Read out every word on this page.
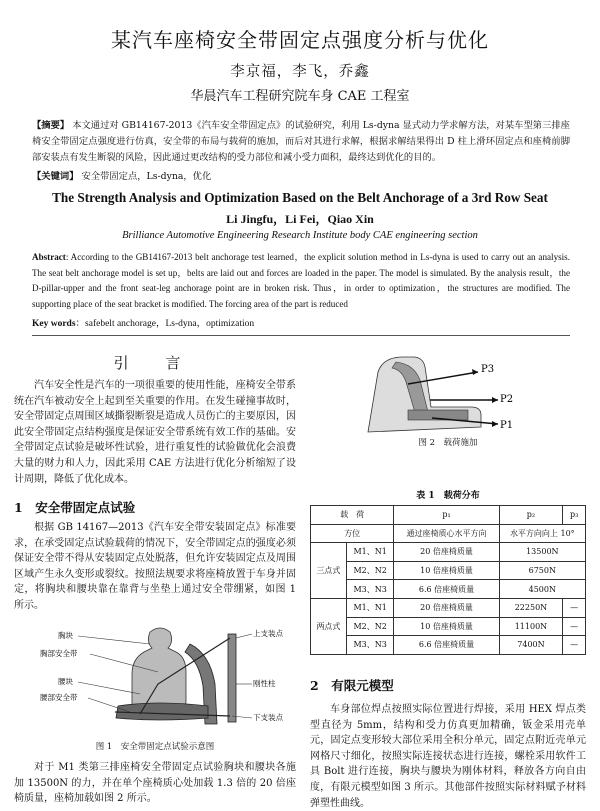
某汽车座椅安全带固定点强度分析与优化
李京福，李飞，乔鑫
华晨汽车工程研究院车身 CAE 工程室
【摘要】 本文通过对 GB14167-2013《汽车安全带固定点》的试验研究，利用 Ls-dyna 显式动力学求解方法，对某车型第三排座椅安全带固定点强度进行仿真，安全带的布局与载荷的施加，而后对其进行求解，根据求解结果得出 D 柱上滑环固定点和座椅前脚部安装点有发生断裂的风险，因此通过更改结构的受力部位和减小受力面积，最终达到优化的目的。
【关键词】 安全带固定点，Ls-dyna，优化
The Strength Analysis and Optimization Based on the Belt Anchorage of a 3rd Row Seat
Li Jingfu，Li Fei，Qiao Xin
Brilliance Automotive Engineering Research Institute body CAE engineering section
Abstract: According to the GB14167-2013 belt anchorage test learned，the explicit solution method in Ls-dyna is used to carry out an analysis. The seat belt anchorage model is set up，belts are laid out and forces are loaded in the paper. The model is simulated. By the analysis result，the D-pillar-upper and the front seat-leg anchorage point are in broken risk. Thus，in order to optimization，the structures are modified. The supporting place of the seat bracket is modified. The forcing area of the part is reduced
Key words：safebelt anchorage，Ls-dyna，optimization
引 言
汽车安全性是汽车的一项很重要的使用性能，座椅安全带系统在汽车被动安全上起到至关重要的作用。在发生碰撞事故时，安全带固定点周围区域撕裂断裂是造成人员伤亡的主要原因，因此安全带固定点结构强度是保证安全带系统有效工作的基础。安全带固定点试验是破坏性试验，进行重复性的试验做优化会浪费大量的财力和人力，因此采用 CAE 方法进行优化分析缩短了设计周期，降低了优化成本。
1　安全带固定点试验
根据 GB 14167—2013《汽车安全带安装固定点》标准要求，在承受固定点试验载荷的情况下，安全带固定点的强度必须保证安全带不得从安装固定点处脱落，但允许安装固定点及周围区域产生永久变形或裂纹。按照法规要求将座椅放置于车身并固定，将胸块和腰块靠在靠背与坐垫上通过安全带绷紧，如图 1 所示。
胸块
胸部安全带
腰块
腰部安全带
上支装点
刚性柱
下支装点
图 1　安全带固定点试验示意图
对于 M1 类第三排座椅安全带固定点试验胸块和腰块各施加 13500N 的力，并在单个座椅质心处加载 1.3 倍的 20 倍座椅质量，座椅加载如图 2 所示。
P3
P2
P1
图 2　载荷施加
表 1　载荷分布
载　荷		p₁	p₂	p₃
方位		通过座椅质心水平方向	水平方向向上 10°	
三点式	M1、N1	20 倍座椅质量	13500N	
	M2、N2	10 倍座椅质量	6750N	
	M3、N3	6.6 倍座椅质量	4500N	
两点式	M1、N1	20 倍座椅质量	22250N	—
	M2、N2	10 倍座椅质量	11100N	—
	M3、N3	6.6 倍座椅质量	7400N	—
2　有限元模型
车身部位焊点按照实际位置进行焊接，采用 HEX 焊点类型直径为 5mm，结构和受力仿真更加精确，钣金采用壳单元，固定点变形较大部位采用全积分单元，固定点附近壳单元网格尺寸细化，按照实际连接状态进行连接，螺栓采用软件工具 Bolt 进行连接，胸块与腰块为刚体材料，释放各方向自由度，有限元模型如图 3 所示。其他部件按照实际材料赋予材料弹塑性曲线。
